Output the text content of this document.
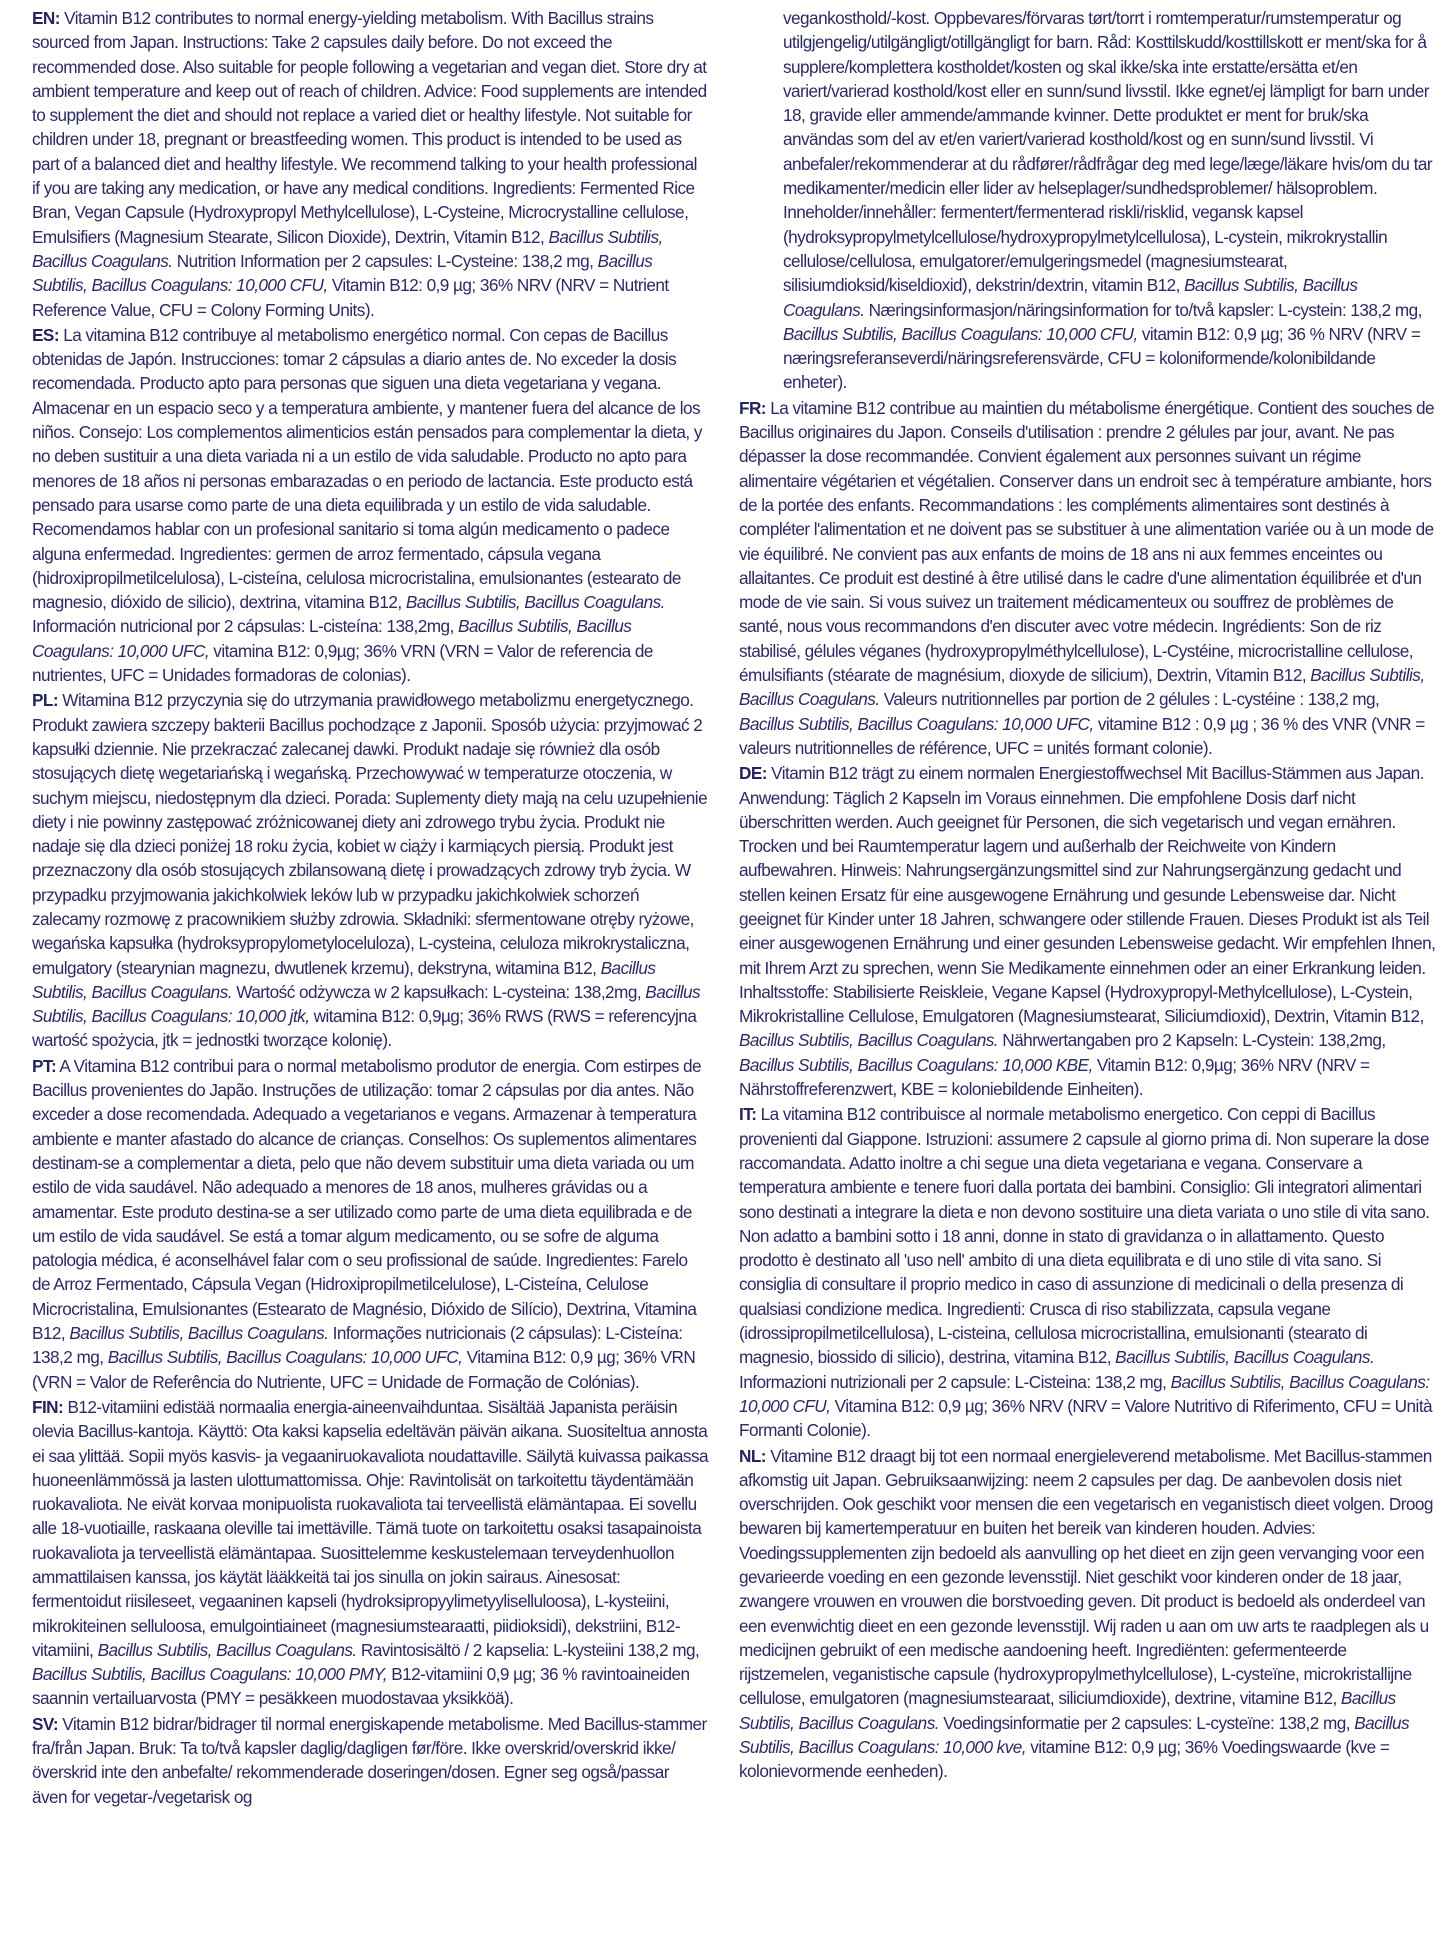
EN: Vitamin B12 contributes to normal energy-yielding metabolism. With Bacillus strains sourced from Japan. Instructions: Take 2 capsules daily before. Do not exceed the recommended dose. Also suitable for people following a vegetarian and vegan diet. Store dry at ambient temperature and keep out of reach of children. Advice: Food supplements are intended to supplement the diet and should not replace a varied diet or healthy lifestyle. Not suitable for children under 18, pregnant or breastfeeding women. This product is intended to be used as part of a balanced diet and healthy lifestyle. We recommend talking to your health professional if you are taking any medication, or have any medical conditions. Ingredients: Fermented Rice Bran, Vegan Capsule (Hydroxypropyl Methylcellulose), L-Cysteine, Microcrystalline cellulose, Emulsifiers (Magnesium Stearate, Silicon Dioxide), Dextrin, Vitamin B12, Bacillus Subtilis, Bacillus Coagulans. Nutrition Information per 2 capsules: L-Cysteine: 138,2 mg, Bacillus Subtilis, Bacillus Coagulans: 10,000 CFU, Vitamin B12: 0,9 µg; 36% NRV (NRV = Nutrient Reference Value, CFU = Colony Forming Units).

ES: La vitamina B12 contribuye al metabolismo energético normal. Con cepas de Bacillus obtenidas de Japón. Instrucciones: tomar 2 cápsulas a diario antes de. No exceder la dosis recomendada. Producto apto para personas que siguen una dieta vegetariana y vegana. Almacenar en un espacio seco y a temperatura ambiente, y mantener fuera del alcance de los niños. Consejo: Los complementos alimenticios están pensados para complementar la dieta, y no deben sustituir a una dieta variada ni a un estilo de vida saludable. Producto no apto para menores de 18 años ni personas embarazadas o en periodo de lactancia. Este producto está pensado para usarse como parte de una dieta equilibrada y un estilo de vida saludable. Recomendamos hablar con un profesional sanitario si toma algún medicamento o padece alguna enfermedad. Ingredientes: germen de arroz fermentado, cápsula vegana (hidroxipropilmetilcelulosa), L-cisteína, celulosa microcristalina, emulsionantes (estearato de magnesio, dióxido de silicio), dextrina, vitamina B12, Bacillus Subtilis, Bacillus Coagulans. Información nutricional por 2 cápsulas: L-cisteína: 138,2mg, Bacillus Subtilis, Bacillus Coagulans: 10,000 UFC, vitamina B12: 0,9µg; 36% VRN (VRN = Valor de referencia de nutrientes, UFC = Unidades formadoras de colonias).

PL: Witamina B12 przyczynia się do utrzymania prawidłowego metabolizmu energetycznego. Produkt zawiera szczepy bakterii Bacillus pochodzące z Japonii. Sposób użycia: przyjmować 2 kapsułki dziennie. Nie przekraczać zalecanej dawki. Produkt nadaje się również dla osób stosujących dietę wegetariańską i wegańską. Przechowywać w temperaturze otoczenia, w suchym miejscu, niedostępnym dla dzieci. Porada: Suplementy diety mają na celu uzupełnienie diety i nie powinny zastępować zróżnicowanej diety ani zdrowego trybu życia. Produkt nie nadaje się dla dzieci poniżej 18 roku życia, kobiet w ciąży i karmiących piersią. Produkt jest przeznaczony dla osób stosujących zbilansowaną dietę i prowadzących zdrowy tryb życia. W przypadku przyjmowania jakichkolwiek leków lub w przypadku jakichkolwiek schorzeń zalecamy rozmowę z pracownikiem służby zdrowia. Składniki: sfermentowane otręby ryżowe, wegańska kapsułka (hydroksypropylometyloceluloza), L-cysteina, celuloza mikrokrystaliczna, emulgatory (stearynian magnezu, dwutlenek krzemu), dekstryna, witamina B12, Bacillus Subtilis, Bacillus Coagulans. Wartość odżywcza w 2 kapsułkach: L-cysteina: 138,2mg, Bacillus Subtilis, Bacillus Coagulans: 10,000 jtk, witamina B12: 0,9µg; 36% RWS (RWS = referencyjna wartość spożycia, jtk = jednostki tworzące kolonię).

PT: A Vitamina B12 contribui para o normal metabolismo produtor de energia. Com estirpes de Bacillus provenientes do Japão. Instruções de utilização: tomar 2 cápsulas por dia antes. Não exceder a dose recomendada. Adequado a vegetarianos e vegans. Armazenar à temperatura ambiente e manter afastado do alcance de crianças. Conselhos: Os suplementos alimentares destinam-se a complementar a dieta, pelo que não devem substituir uma dieta variada ou um estilo de vida saudável. Não adequado a menores de 18 anos, mulheres grávidas ou a amamentar. Este produto destina-se a ser utilizado como parte de uma dieta equilibrada e de um estilo de vida saudável. Se está a tomar algum medicamento, ou se sofre de alguma patologia médica, é aconselhável falar com o seu profissional de saúde. Ingredientes: Farelo de Arroz Fermentado, Cápsula Vegan (Hidroxipropilmetilcelulose), L-Cisteína, Celulose Microcristalina, Emulsionantes (Estearato de Magnésio, Dióxido de Silício), Dextrina, Vitamina B12, Bacillus Subtilis, Bacillus Coagulans. Informações nutricionais (2 cápsulas): L-Cisteína: 138,2 mg, Bacillus Subtilis, Bacillus Coagulans: 10,000 UFC, Vitamina B12: 0,9 µg; 36% VRN (VRN = Valor de Referência do Nutriente, UFC = Unidade de Formação de Colónias).

FIN: B12-vitamiini edistää normaalia energia-aineenvaihduntaa. Sisältää Japanista peräisin olevia Bacillus-kantoja. Käyttö: Ota kaksi kapselia edeltävän päivän aikana. Suositeltua annosta ei saa ylittää. Sopii myös kasvis- ja vegaaniruokavaliota noudattaville. Säilytä kuivassa paikassa huoneenlämmössä ja lasten ulottumattomissa. Ohje: Ravintolisät on tarkoitettu täydentämään ruokavaliota. Ne eivät korvaa monipuolista ruokavaliota tai terveellistä elämäntapaa. Ei sovellu alle 18-vuotiaille, raskaana oleville tai imettäville. Tämä tuote on tarkoitettu osaksi tasapainoista ruokavaliota ja terveellistä elämäntapaa. Suosittelemme keskustelemaan terveydenhuollon ammattilaisen kanssa, jos käytät lääkkeitä tai jos sinulla on jokin sairaus. Ainesosat: fermentoidut riisileseet, vegaaninen kapseli (hydroksipropyylimetyyliselluloosa), L-kysteiini, mikrokiteinen selluloosa, emulgointiaineet (magnesiumstearaatti, piidioksidi), dekstriini, B12-vitamiini, Bacillus Subtilis, Bacillus Coagulans. Ravintosisältö / 2 kapselia: L-kysteiini 138,2 mg, Bacillus Subtilis, Bacillus Coagulans: 10,000 PMY, B12-vitamiini 0,9 µg; 36 % ravintoaineiden saannin vertailuarvosta (PMY = pesäkkeen muodostavaa yksikköä).

SV: Vitamin B12 bidrar/bidrager til normal energiskapende metabolisme. Med Bacillus-stammer fra/från Japan. Bruk: Ta to/två kapsler daglig/dagligen før/före. Ikke overskrid/overskrid ikke/överskrid inte den anbefalte/ rekommenderade doseringen/dosen. Egner seg også/passar även for vegetar-/vegetarisk og

vegankosthold/-kost. Oppbevares/förvaras tørt/torrt i romtemperatur/rumstemperatur og utilgjengelig/utilgängligt/otillgängligt for barn. Råd: Kosttilskudd/kosttillskott er ment/ska for å supplere/komplettera kostholdet/kosten og skal ikke/ska inte erstatte/ersätta et/en variert/varierad kosthold/kost eller en sunn/sund livsstil. Ikke egnet/ej lämpligt for barn under 18, gravide eller ammende/ammande kvinner. Dette produktet er ment for bruk/ska användas som del av et/en variert/varierad kosthold/kost og en sunn/sund livsstil. Vi anbefaler/rekommenderar at du rådfører/rådfrågar deg med lege/læge/läkare hvis/om du tar medikamenter/medicin eller lider av helseplager/sundhedsproblemer/ hälsoproblem. Inneholder/innehåller: fermentert/fermenterad riskli/risklid, vegansk kapsel (hydroksypropylmetylcellulose/hydroxypropylmetylcellulosa), L-cystein, mikrokrystallin cellulose/cellulosa, emulgatorer/emulgeringsmedel (magnesiumstearat, silisiumdioksid/kiseldioxid), dekstrin/dextrin, vitamin B12, Bacillus Subtilis, Bacillus Coagulans. Næringsinformasjon/näringsinformation for to/två kapsler: L-cystein: 138,2 mg, Bacillus Subtilis, Bacillus Coagulans: 10,000 CFU, vitamin B12: 0,9 µg; 36 % NRV (NRV = næringsreferanseverdi/näringsreferensvärde, CFU = koloniformende/kolonibildande enheter).

FR: La vitamine B12 contribue au maintien du métabolisme énergétique. Contient des souches de Bacillus originaires du Japon. Conseils d'utilisation : prendre 2 gélules par jour, avant. Ne pas dépasser la dose recommandée. Convient également aux personnes suivant un régime alimentaire végétarien et végétalien. Conserver dans un endroit sec à température ambiante, hors de la portée des enfants. Recommandations : les compléments alimentaires sont destinés à compléter l'alimentation et ne doivent pas se substituer à une alimentation variée ou à un mode de vie équilibré. Ne convient pas aux enfants de moins de 18 ans ni aux femmes enceintes ou allaitantes. Ce produit est destiné à être utilisé dans le cadre d'une alimentation équilibrée et d'un mode de vie sain. Si vous suivez un traitement médicamenteux ou souffrez de problèmes de santé, nous vous recommandons d'en discuter avec votre médecin. Ingrédients: Son de riz stabilisé, gélules véganes (hydroxypropylméthylcellulose), L-Cystéine, microcristalline cellulose, émulsifiants (stéarate de magnésium, dioxyde de silicium), Dextrin, Vitamin B12, Bacillus Subtilis, Bacillus Coagulans. Valeurs nutritionnelles par portion de 2 gélules : L-cystéine : 138,2 mg, Bacillus Subtilis, Bacillus Coagulans: 10,000 UFC, vitamine B12 : 0,9 µg ; 36 % des VNR (VNR = valeurs nutritionnelles de référence, UFC = unités formant colonie).

DE: Vitamin B12 trägt zu einem normalen Energiestoffwechsel Mit Bacillus-Stämmen aus Japan. Anwendung: Täglich 2 Kapseln im Voraus einnehmen. Die empfohlene Dosis darf nicht überschritten werden. Auch geeignet für Personen, die sich vegetarisch und vegan ernähren. Trocken und bei Raumtemperatur lagern und außerhalb der Reichweite von Kindern aufbewahren. Hinweis: Nahrungsergänzungsmittel sind zur Nahrungsergänzung gedacht und stellen keinen Ersatz für eine ausgewogene Ernährung und gesunde Lebensweise dar. Nicht geeignet für Kinder unter 18 Jahren, schwangere oder stillende Frauen. Dieses Produkt ist als Teil einer ausgewogenen Ernährung und einer gesunden Lebensweise gedacht. Wir empfehlen Ihnen, mit Ihrem Arzt zu sprechen, wenn Sie Medikamente einnehmen oder an einer Erkrankung leiden. Inhaltsstoffe: Stabilisierte Reiskleie, Vegane Kapsel (Hydroxypropyl-Methylcellulose), L-Cystein, Mikrokristalline Cellulose, Emulgatoren (Magnesiumstearat, Siliciumdioxid), Dextrin, Vitamin B12, Bacillus Subtilis, Bacillus Coagulans. Nährwertangaben pro 2 Kapseln: L-Cystein: 138,2mg, Bacillus Subtilis, Bacillus Coagulans: 10,000 KBE, Vitamin B12: 0,9µg; 36% NRV (NRV = Nährstoffreferenzwert, KBE = koloniebildende Einheiten).

IT: La vitamina B12 contribuisce al normale metabolismo energetico. Con ceppi di Bacillus provenienti dal Giappone. Istruzioni: assumere 2 capsule al giorno prima di. Non superare la dose raccomandata. Adatto inoltre a chi segue una dieta vegetariana e vegana. Conservare a temperatura ambiente e tenere fuori dalla portata dei bambini. Consiglio: Gli integratori alimentari sono destinati a integrare la dieta e non devono sostituire una dieta variata o uno stile di vita sano. Non adatto a bambini sotto i 18 anni, donne in stato di gravidanza o in allattamento. Questo prodotto è destinato all 'uso nell' ambito di una dieta equilibrata e di uno stile di vita sano. Si consiglia di consultare il proprio medico in caso di assunzione di medicinali o della presenza di qualsiasi condizione medica. Ingredienti: Crusca di riso stabilizzata, capsula vegane (idrossipropilmetilcellulosa), L-cisteina, cellulosa microcristallina, emulsionanti (stearato di magnesio, biossido di silicio), destrina, vitamina B12, Bacillus Subtilis, Bacillus Coagulans. Informazioni nutrizionali per 2 capsule: L-Cisteina: 138,2 mg, Bacillus Subtilis, Bacillus Coagulans: 10,000 CFU, Vitamina B12: 0,9 µg; 36% NRV (NRV = Valore Nutritivo di Riferimento, CFU = Unità Formanti Colonie).

NL: Vitamine B12 draagt bij tot een normaal energieleverend metabolisme. Met Bacillus-stammen afkomstig uit Japan. Gebruiksaanwijzing: neem 2 capsules per dag. De aanbevolen dosis niet overschrijden. Ook geschikt voor mensen die een vegetarisch en veganistisch dieet volgen. Droog bewaren bij kamertemperatuur en buiten het bereik van kinderen houden. Advies: Voedingssupplementen zijn bedoeld als aanvulling op het dieet en zijn geen vervanging voor een gevarieerde voeding en een gezonde levensstijl. Niet geschikt voor kinderen onder de 18 jaar, zwangere vrouwen en vrouwen die borstvoeding geven. Dit product is bedoeld als onderdeel van een evenwichtig dieet en een gezonde levensstijl. Wij raden u aan om uw arts te raadplegen als u medicijnen gebruikt of een medische aandoening heeft. Ingrediënten: gefermenteerde rijstzemelen, veganistische capsule (hydroxypropylmethylcellulose), L-cysteïne, microkristallijne cellulose, emulgatoren (magnesiumstearaat, siliciumdioxide), dextrine, vitamine B12, Bacillus Subtilis, Bacillus Coagulans. Voedingsinformatie per 2 capsules: L-cysteïne: 138,2 mg, Bacillus Subtilis, Bacillus Coagulans: 10,000 kve, vitamine B12: 0,9 µg; 36% Voedingswaarde (kve = kolonievormende eenheden).
